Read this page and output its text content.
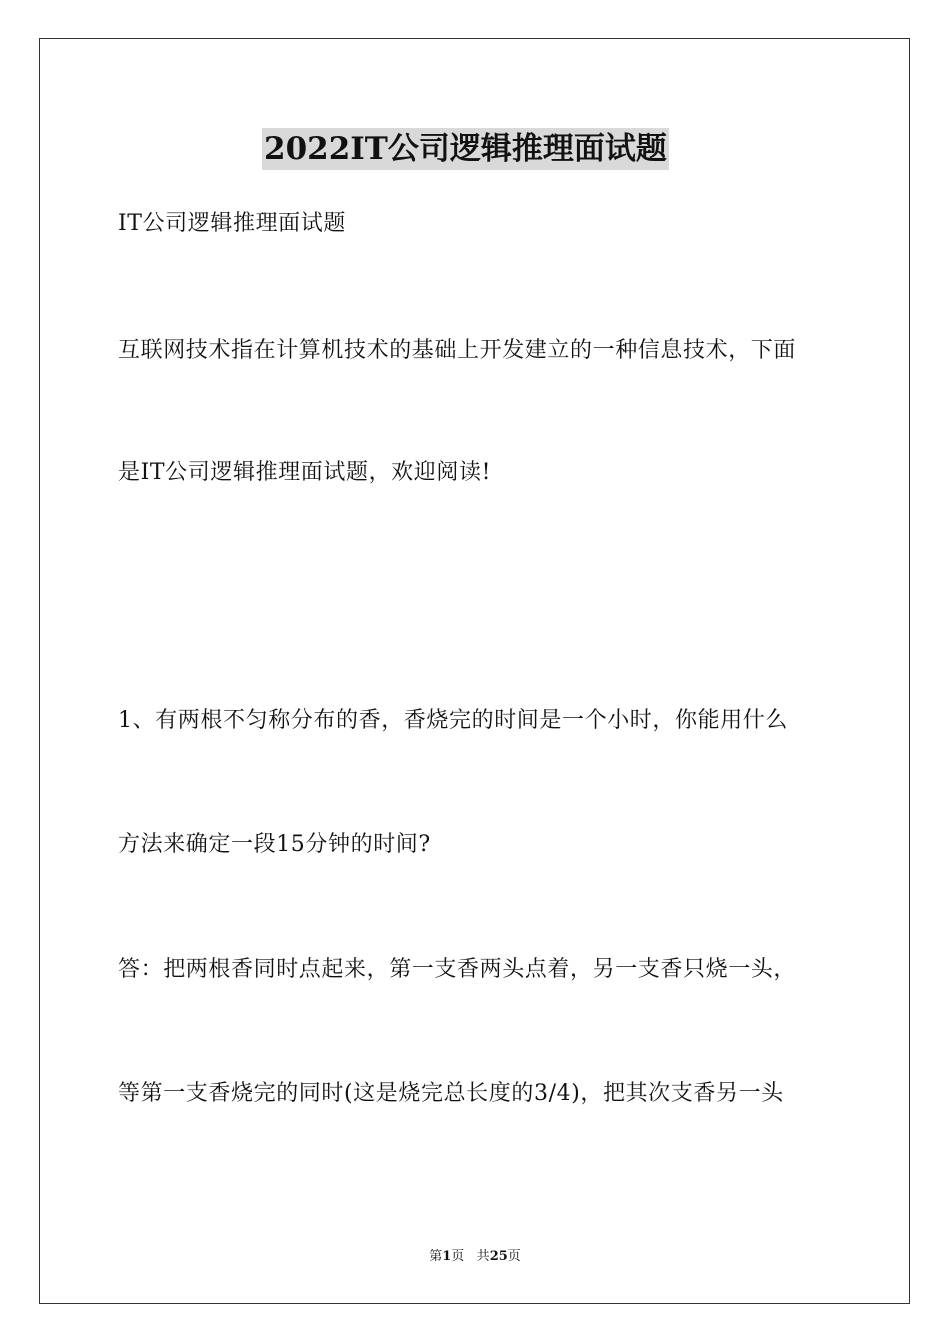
2022IT公司逻辑推理面试题
IT公司逻辑推理面试题
互联网技术指在计算机技术的基础上开发建立的一种信息技术，下面
是IT公司逻辑推理面试题，欢迎阅读!
1、有两根不匀称分布的香，香烧完的时间是一个小时，你能用什么
方法来确定一段15分钟的时间?
答：把两根香同时点起来，第一支香两头点着，另一支香只烧一头，
等第一支香烧完的同时(这是烧完总长度的3/4)，把其次支香另一头
第1页 共25页
